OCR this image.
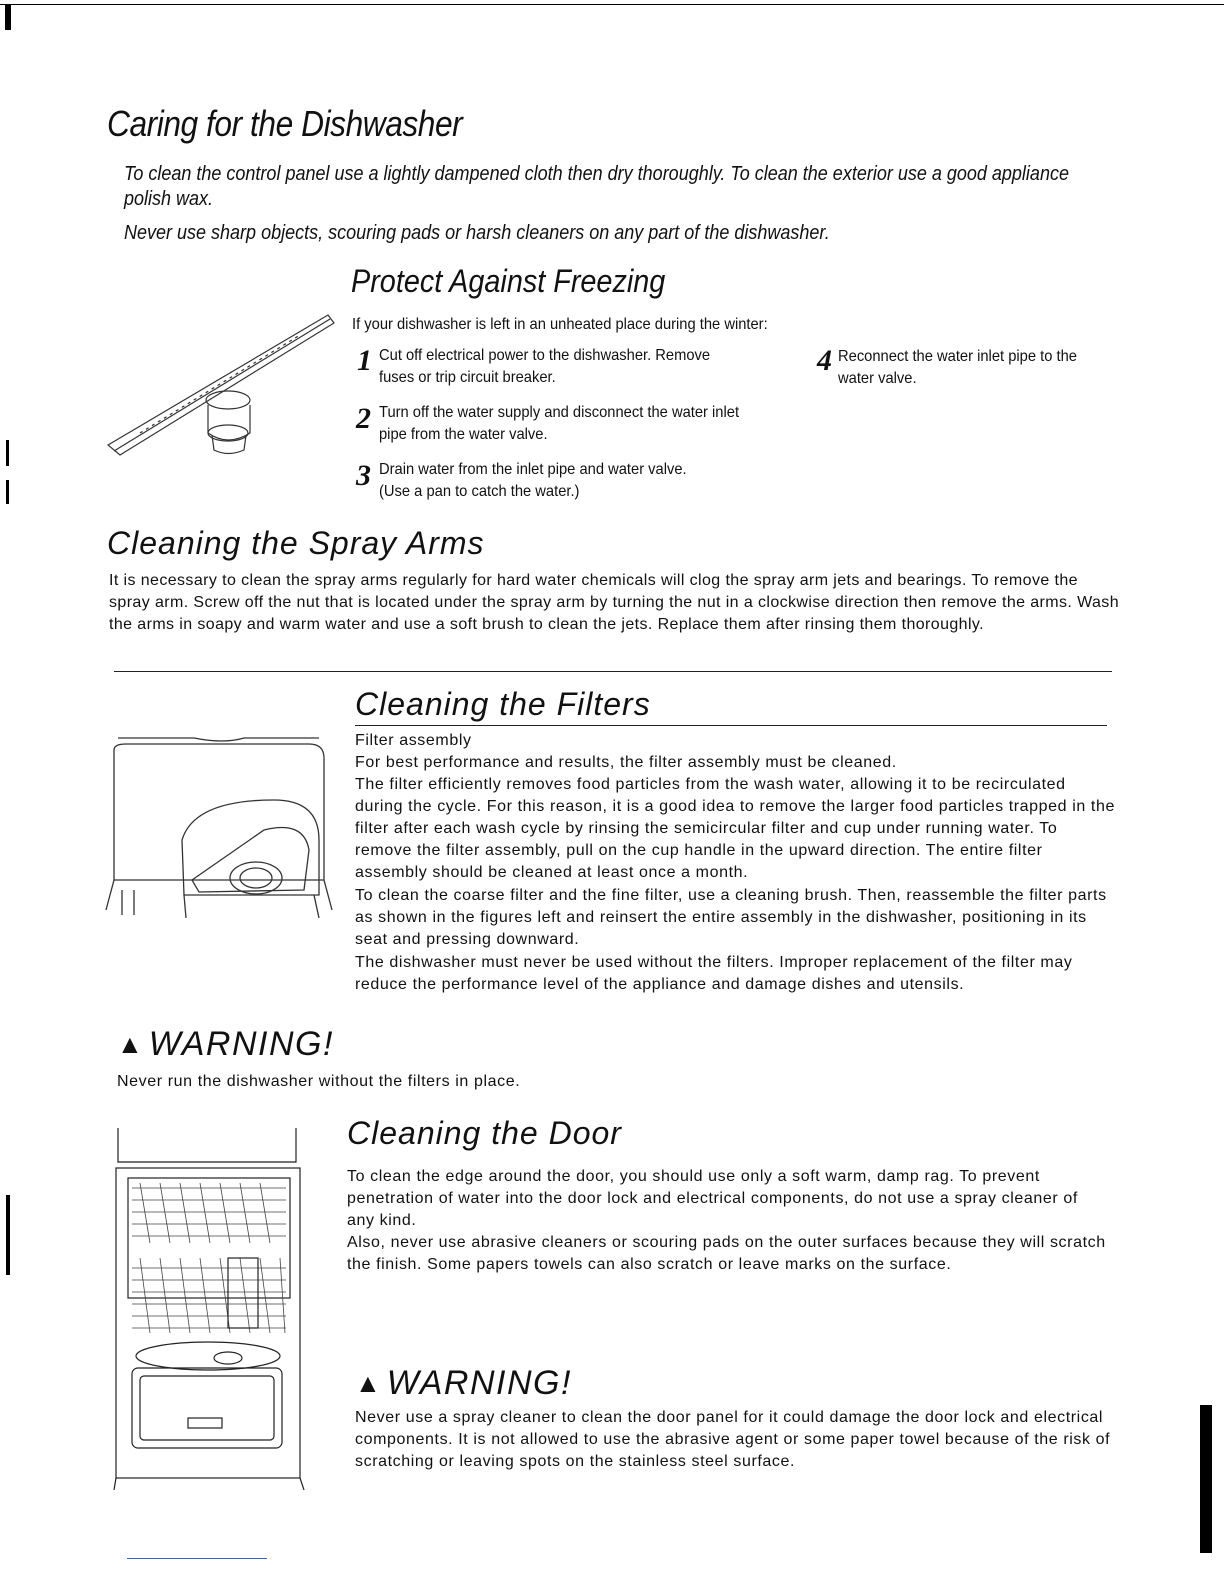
Caring for the Dishwasher
To clean the control panel use a lightly dampened cloth then dry thoroughly. To clean the exterior use a good appliance polish wax.
Never use sharp objects, scouring pads or harsh cleaners on any part of the dishwasher.
Protect Against Freezing
If your dishwasher is left in an unheated place during the winter:
1 Cut off electrical power to the dishwasher. Remove fuses or trip circuit breaker.
2 Turn off the water supply and disconnect the water inlet pipe from the water valve.
3 Drain water from the inlet pipe and water valve. (Use a pan to catch the water.)
4 Reconnect the water inlet pipe to the water valve.
Cleaning the Spray Arms
It is necessary to clean the spray arms regularly for hard water chemicals will clog the spray arm jets and bearings. To remove the spray arm. Screw off the nut that is located under the spray arm by turning the nut in a clockwise direction then remove the arms. Wash the arms in soapy and warm water and use a soft brush to clean the jets. Replace them after rinsing them thoroughly.
Cleaning the Filters
Filter assembly
For best performance and results, the filter assembly must be cleaned.
The filter efficiently removes food particles from the wash water, allowing it to be recirculated during the cycle. For this reason, it is a good idea to remove the larger food particles trapped in the filter after each wash cycle by rinsing the semicircular filter and cup under running water. To remove the filter assembly, pull on the cup handle in the upward direction. The entire filter assembly should be cleaned at least once a month.
To clean the coarse filter and the fine filter, use a cleaning brush. Then, reassemble the filter parts as shown in the figures left and reinsert the entire assembly in the dishwasher, positioning in its seat and pressing downward.
The dishwasher must never be used without the filters. Improper replacement of the filter may reduce the performance level of the appliance and damage dishes and utensils.
▲ WARNING!
Never run the dishwasher without the filters in place.
Cleaning the Door
To clean the edge around the door, you should use only a soft warm, damp rag. To prevent penetration of water into the door lock and electrical components, do not use a spray cleaner of any kind.
Also, never use abrasive cleaners or scouring pads on the outer surfaces because they will scratch the finish. Some papers towels can also scratch or leave marks on the surface.
▲ WARNING!
Never use a spray cleaner to clean the door panel for it could damage the door lock and electrical components. It is not allowed to use the abrasive agent or some paper towel because of the risk of scratching or leaving spots on the stainless steel surface.
